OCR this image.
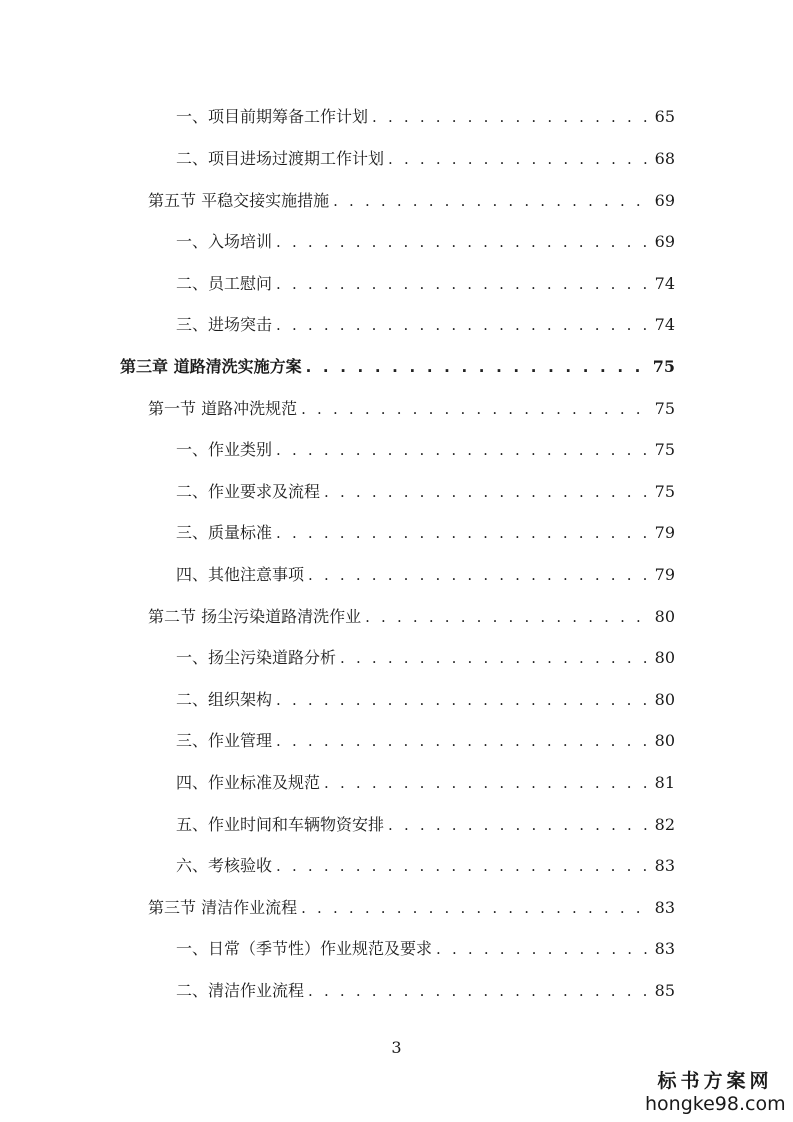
一、项目前期筹备工作计划 . . .	65
二、项目进场过渡期工作计划 . . .	68
第五节 平稳交接实施措施 . . .	69
一、入场培训 . . .	69
二、员工慰问 . . .	74
三、进场突击 . . .	74
第三章 道路清洗实施方案 . . .	75
第一节 道路冲洗规范 . . .	75
一、作业类别 . . .	75
二、作业要求及流程 . . .	75
三、质量标准 . . .	79
四、其他注意事项 . . .	79
第二节 扬尘污染道路清洗作业 . . .	80
一、扬尘污染道路分析 . . .	80
二、组织架构 . . .	80
三、作业管理 . . .	80
四、作业标准及规范 . . .	81
五、作业时间和车辆物资安排 . . .	82
六、考核验收 . . .	83
第三节 清洁作业流程 . . .	83
一、日常（季节性）作业规范及要求 . . .	83
二、清洁作业流程 . . .	85
3
标书方案网
hongke98.com
